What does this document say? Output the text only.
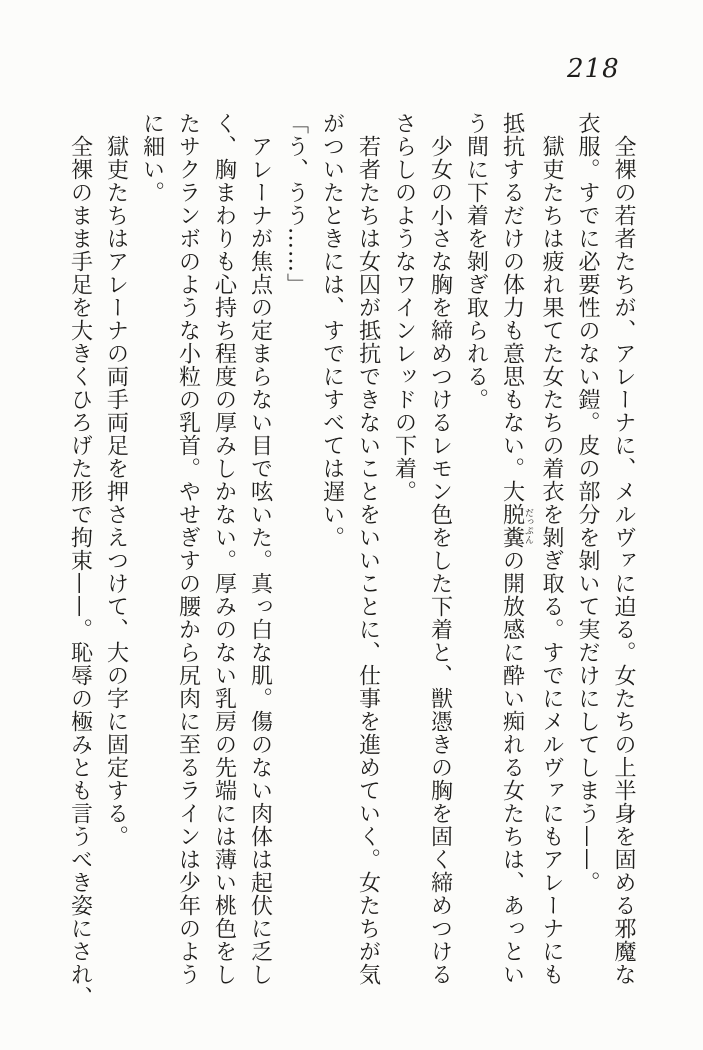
218
全裸の若者たちが、アレーナに、メルヴァに迫る。女たちの上半身を固める邪魔な
衣服。すでに必要性のない鎧。皮の部分を剝いて実だけにしてしまう——。
獄吏たちは疲れ果てた女たちの着衣を剝ぎ取る。すでにメルヴァにもアレーナにも
抵抗するだけの体力も意思もない。大脱糞だっぷんの開放感に酔い痴れる女たちは、あっとい
う間に下着を剝ぎ取られる。
少女の小さな胸を締めつけるレモン色をした下着と、獣憑きの胸を固く締めつける
さらしのようなワインレッドの下着。
若者たちは女囚が抵抗できないことをいいことに、仕事を進めていく。女たちが気
がついたときには、すでにすべては遅い。
「う、うう……」
アレーナが焦点の定まらない目で呟いた。真っ白な肌。傷のない肉体は起伏に乏し
く、胸まわりも心持ち程度の厚みしかない。厚みのない乳房の先端には薄い桃色をし
たサクランボのような小粒の乳首。やせぎすの腰から尻肉に至るラインは少年のよう
に細い。
獄吏たちはアレーナの両手両足を押さえつけて、大の字に固定する。
全裸のまま手足を大きくひろげた形で拘束——。恥辱の極みとも言うべき姿にされ、
